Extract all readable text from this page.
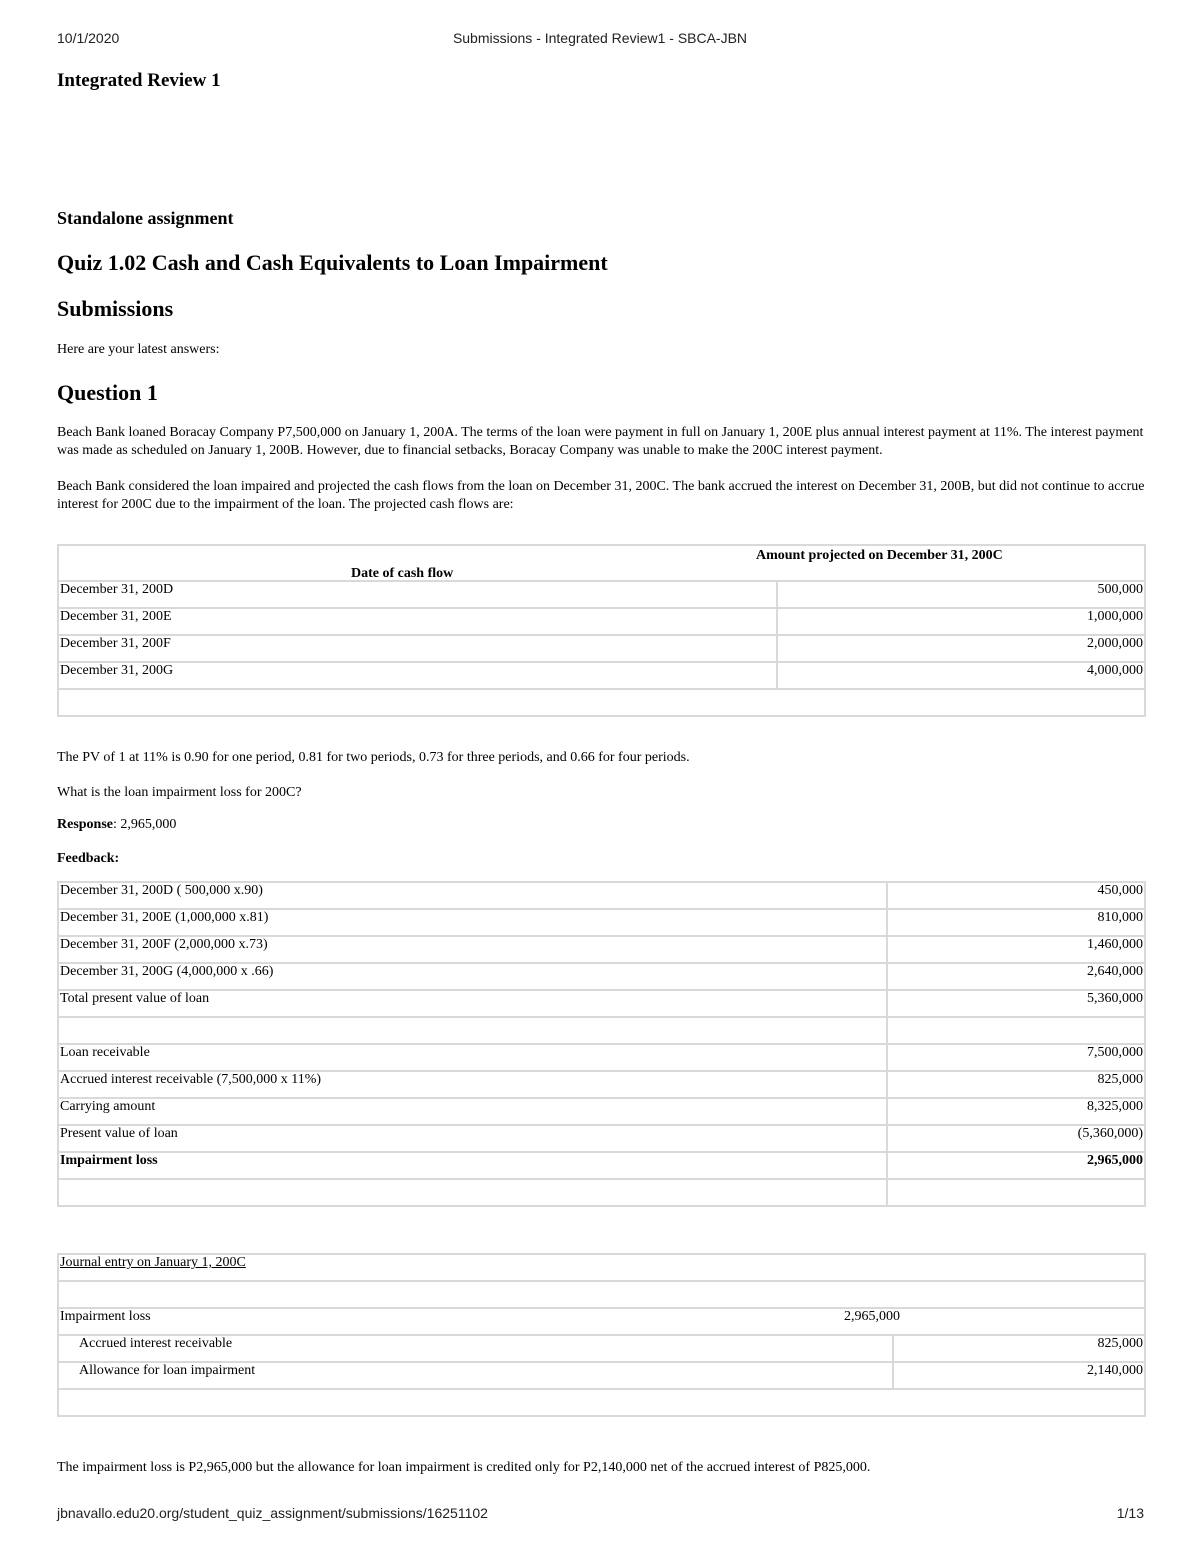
10/1/2020	Submissions - Integrated Review1 - SBCA-JBN
Integrated Review 1
Standalone assignment
Quiz 1.02 Cash and Cash Equivalents to Loan Impairment
Submissions

Here are your latest answers:

Question 1

Beach Bank loaned Boracay Company P7,500,000 on January 1, 200A. The terms of the loan were payment in full on January 1, 200E plus annual interest payment at 11%. The interest payment was made as scheduled on January 1, 200B. However, due to financial setbacks, Boracay Company was unable to make the 200C interest payment.

Beach Bank considered the loan impaired and projected the cash flows from the loan on December 31, 200C. The bank accrued the interest on December 31, 200B, but did not continue to accrue interest for 200C due to the impairment of the loan. The projected cash flows are:

Date of cash flow
Amount projected on December 31, 200C	

December 31, 200D	500,000
December 31, 200E	1,000,000
December 31, 200F	2,000,000
December 31, 200G	4,000,000

The PV of 1 at 11% is 0.90 for one period, 0.81 for two periods, 0.73 for three periods, and 0.66 for four periods.

What is the loan impairment loss for 200C?

Response: 2,965,000

Feedback:

December 31, 200D ( 500,000 x.90)	450,000
December 31, 200E (1,000,000 x.81)	810,000
December 31, 200F (2,000,000 x.73)	1,460,000
December 31, 200G (4,000,000 x .66)	2,640,000
Total present value of loan	5,360,000

Loan receivable	7,500,000
Accrued interest receivable (7,500,000 x 11%)	825,000
Carrying amount	8,325,000
Present value of loan	(5,360,000)
Impairment loss	2,965,000

Journal entry on January 1, 200C	

Impairment loss 2,965,000	

Accrued interest receivable	825,000
Allowance for loan impairment	2,140,000

The impairment loss is P2,965,000 but the allowance for loan impairment is credited only for P2,140,000 net of the accrued interest of P825,000.

jbnavallo.edu20.org/student_quiz_assignment/submissions/16251102	1/13
